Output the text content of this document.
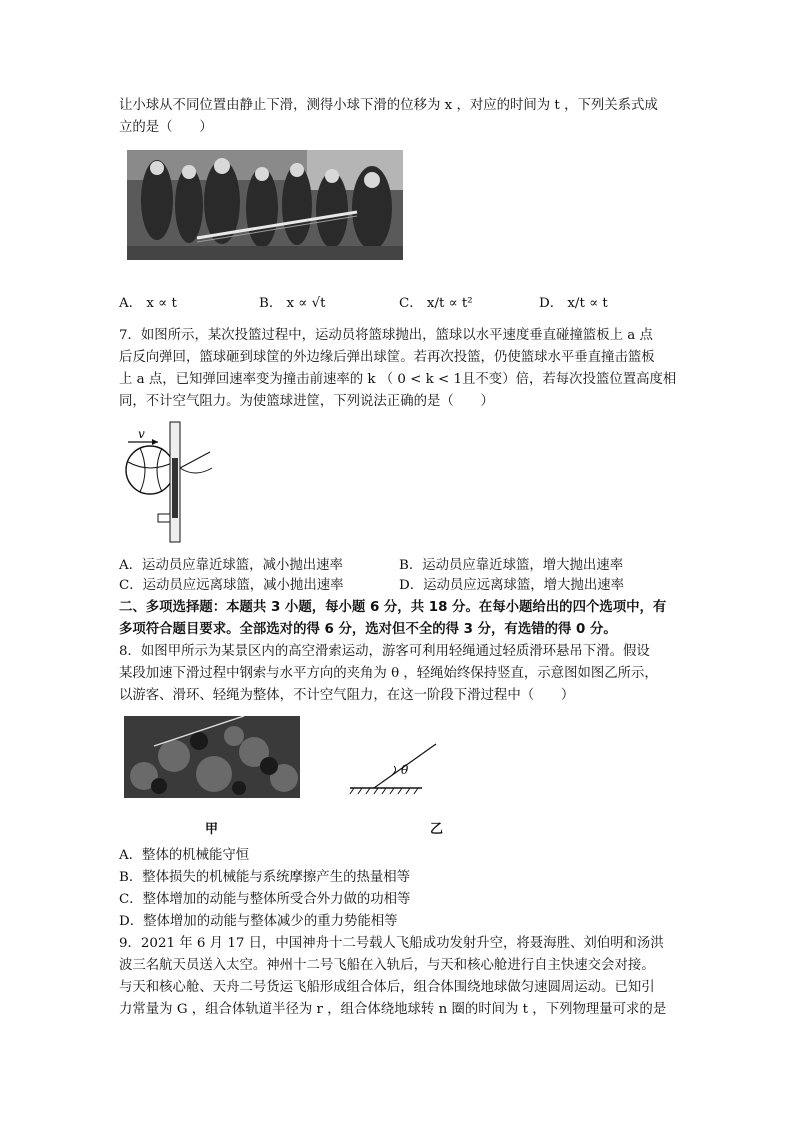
让小球从不同位置由静止下滑，测得小球下滑的位移为 x ，对应的时间为 t ，下列关系式成
立的是（　　）
A． x ∝ t	B． x ∝ √t	C． x/t ∝ t²	D． x/t ∝ t
7．如图所示，某次投篮过程中，运动员将篮球抛出，篮球以水平速度垂直碰撞篮板上 a 点
后反向弹回，篮球砸到球筐的外边缘后弹出球筐。若再次投篮，仍使篮球水平垂直撞击篮板
上 a 点，已知弹回速率变为撞击前速率的 k （ 0 < k < 1且不变）倍，若每次投篮位置高度相
同，不计空气阻力。为使篮球进筐，下列说法正确的是（　　）
v
A．运动员应靠近球篮，减小抛出速率	B．运动员应靠近球篮，增大抛出速率
C．运动员应远离球篮，减小抛出速率	D．运动员应远离球篮，增大抛出速率
二、多项选择题：本题共 3 小题，每小题 6 分，共 18 分。在每小题给出的四个选项中，有
多项符合题目要求。全部选对的得 6 分，选对但不全的得 3 分，有选错的得 0 分。
8．如图甲所示为某景区内的高空滑索运动，游客可利用轻绳通过轻质滑环悬吊下滑。假设
某段加速下滑过程中钢索与水平方向的夹角为 θ ，轻绳始终保持竖直，示意图如图乙所示，
以游客、滑环、轻绳为整体，不计空气阻力，在这一阶段下滑过程中（　　）
甲
θ
乙
A．整体的机械能守恒
B．整体损失的机械能与系统摩擦产生的热量相等
C．整体增加的动能与整体所受合外力做的功相等
D．整体增加的动能与整体减少的重力势能相等
9．2021 年 6 月 17 日，中国神舟十二号载人飞船成功发射升空，将聂海胜、刘伯明和汤洪
波三名航天员送入太空。神州十二号飞船在入轨后，与天和核心舱进行自主快速交会对接。
与天和核心舱、天舟二号货运飞船形成组合体后，组合体围绕地球做匀速圆周运动。已知引
力常量为 G ，组合体轨道半径为 r ，组合体绕地球转 n 圈的时间为 t ，下列物理量可求的是
